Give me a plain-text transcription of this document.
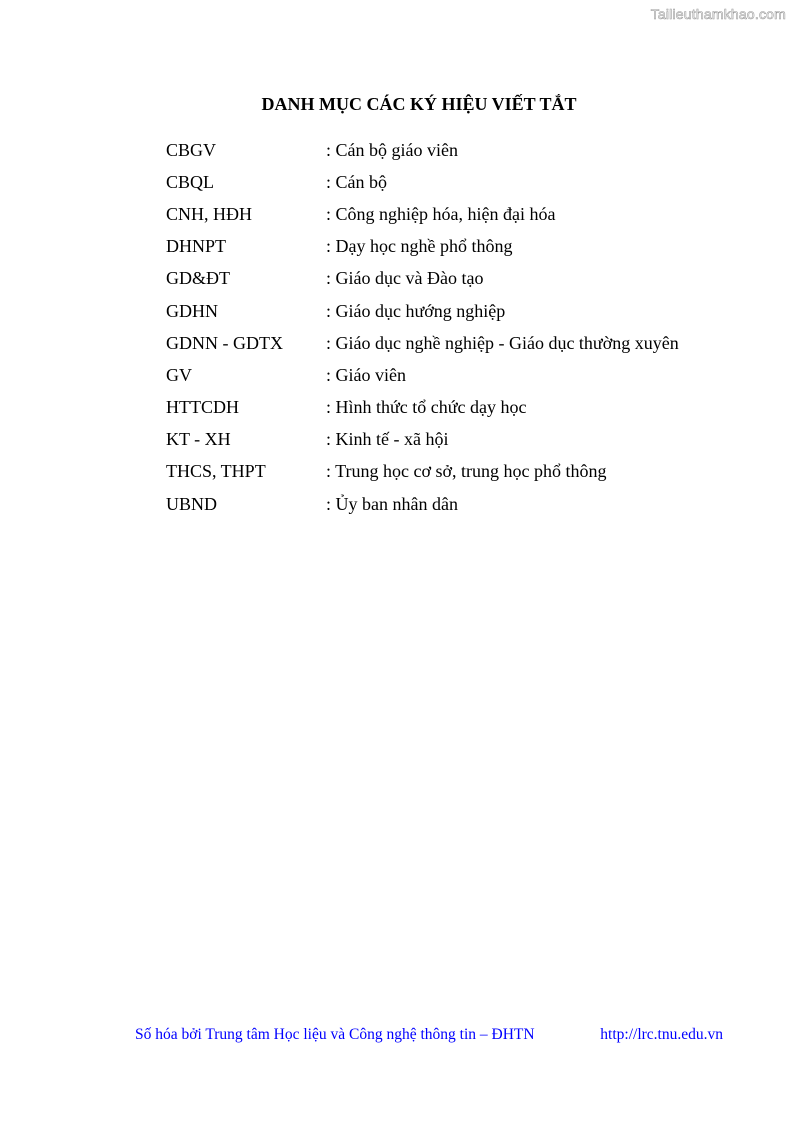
Tailieuthamkhao.com
DANH MỤC CÁC KÝ HIỆU VIẾT TẮT
CBGV	: Cán bộ giáo viên
CBQL	: Cán bộ
CNH, HĐH	: Công nghiệp hóa, hiện đại hóa
DHNPT	: Dạy học nghề phổ thông
GD&ĐT	: Giáo dục và Đào tạo
GDHN	: Giáo dục hướng nghiệp
GDNN - GDTX	: Giáo dục nghề nghiệp - Giáo dục thường xuyên
GV	: Giáo viên
HTTCDH	: Hình thức tổ chức dạy học
KT - XH	: Kinh tế - xã hội
THCS, THPT	: Trung học cơ sở, trung học phổ thông
UBND	: Ủy ban nhân dân
Số hóa bởi Trung tâm Học liệu và Công nghệ thông tin – ĐHTN	http://lrc.tnu.edu.vn
